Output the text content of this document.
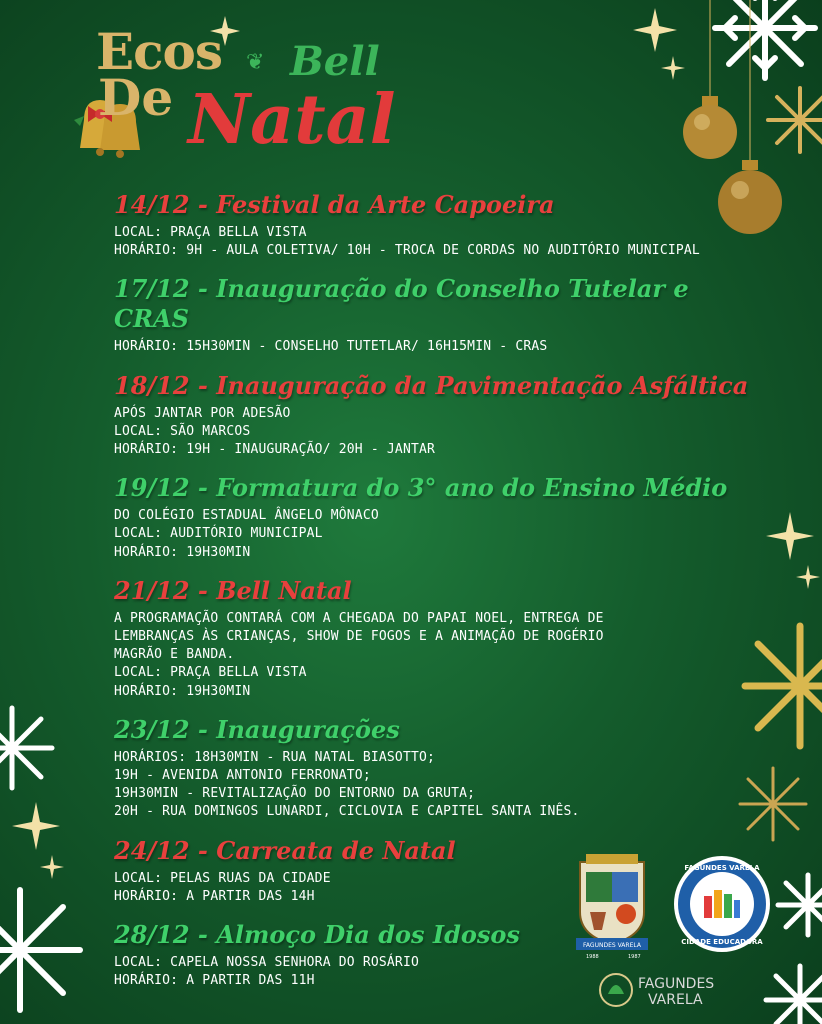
Ecos
De
❦ Bell
Natal
14/12 - Festival da Arte Capoeira
LOCAL: PRAÇA BELLA VISTA
HORÁRIO: 9H - AULA COLETIVA/ 10H - TROCA DE CORDAS NO AUDITÓRIO MUNICIPAL
17/12 - Inauguração do Conselho Tutelar e CRAS
HORÁRIO: 15H30MIN - CONSELHO TUTETLAR/ 16H15MIN - CRAS
18/12 - Inauguração da Pavimentação Asfáltica
APÓS JANTAR POR ADESÃO
LOCAL: SÃO MARCOS
HORÁRIO: 19H - INAUGURAÇÃO/ 20H - JANTAR
19/12 - Formatura do 3° ano do Ensino Médio
DO COLÉGIO ESTADUAL ÂNGELO MÔNACO
LOCAL: AUDITÓRIO MUNICIPAL
HORÁRIO: 19H30MIN
21/12 - Bell Natal
A PROGRAMAÇÃO CONTARÁ COM A CHEGADA DO PAPAI NOEL, ENTREGA DE
LEMBRANÇAS ÀS CRIANÇAS, SHOW DE FOGOS E A ANIMAÇÃO DE ROGÉRIO
MAGRÃO E BANDA.
LOCAL: PRAÇA BELLA VISTA
HORÁRIO: 19H30MIN
23/12 - Inaugurações
HORÁRIOS: 18H30MIN - RUA NATAL BIASOTTO;
19H - AVENIDA ANTONIO FERRONATO;
19H30MIN - REVITALIZAÇÃO DO ENTORNO DA GRUTA;
20H - RUA DOMINGOS LUNARDI, CICLOVIA E CAPITEL SANTA INÊS.
24/12 - Carreata de Natal
LOCAL: PELAS RUAS DA CIDADE
HORÁRIO: A PARTIR DAS 14H
28/12 - Almoço Dia dos Idosos
LOCAL: CAPELA NOSSA SENHORA DO ROSÁRIO
HORÁRIO: A PARTIR DAS 11H
FAGUNDES VARELA
1988	1987
FAGUNDES VARELA
CIDADE EDUCADORA
FAGUNDES
VARELA
